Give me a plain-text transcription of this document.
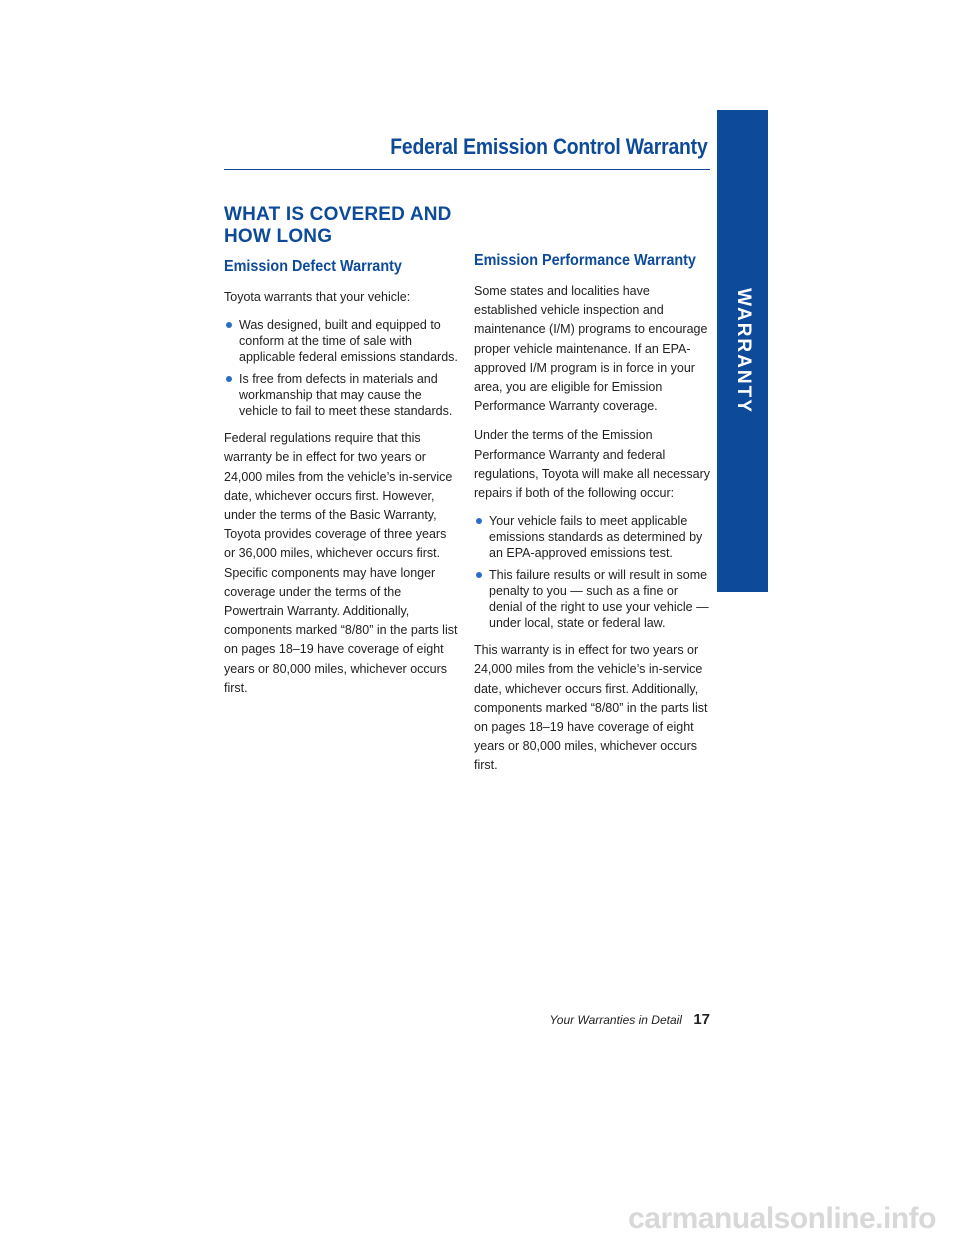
Federal Emission Control Warranty
WARRANTY
WHAT IS COVERED AND HOW LONG
Emission Defect Warranty

Toyota warrants that your vehicle:

Was designed, built and equipped to conform at the time of sale with applicable federal emissions standards.
Is free from defects in materials and workmanship that may cause the vehicle to fail to meet these standards.

Federal regulations require that this warranty be in effect for two years or 24,000 miles from the vehicle’s in-service date, whichever occurs first. However, under the terms of the Basic Warranty, Toyota provides coverage of three years or 36,000 miles, whichever occurs first. Specific components may have longer coverage under the terms of the Powertrain Warranty. Additionally, components marked “8/80” in the parts list on pages 18–19 have coverage of eight years or 80,000 miles, whichever occurs first.

Emission Performance Warranty

Some states and localities have established vehicle inspection and maintenance (I/M) programs to encourage proper vehicle maintenance. If an EPA-approved I/M program is in force in your area, you are eligible for Emission Performance Warranty coverage.

Under the terms of the Emission Performance Warranty and federal regulations, Toyota will make all necessary repairs if both of the following occur:

Your vehicle fails to meet applicable emissions standards as determined by an EPA-approved emissions test.
This failure results or will result in some penalty to you — such as a fine or denial of the right to use your vehicle — under local, state or federal law.

This warranty is in effect for two years or 24,000 miles from the vehicle’s in-service date, whichever occurs first. Additionally, components marked “8/80” in the parts list on pages 18–19 have coverage of eight years or 80,000 miles, whichever occurs first.

Your Warranties in Detail 17
carmanualsonline.info
